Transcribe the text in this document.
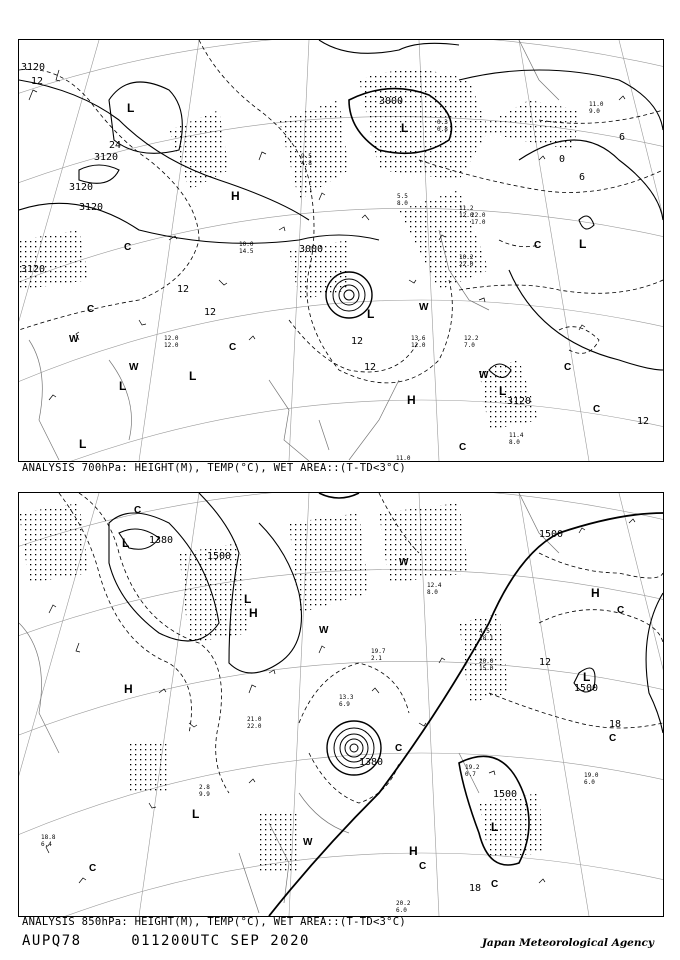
3120
12
24
3120
3120
3120
3120
3000
3000
12
12
12
12
6
6
0
3120
12
L
L
L
L
L
L
L
L
H
H
C
C
C
C
C
C
C
W
W
W
W
11.0
11.4
8.0
12.2
7.0
13.6
12.0
10.2
22.0
11.2
12.0
5.5
8.0
10.0
14.5
12.0
12.0
9.5
4.8
0.3
0.8
22.0
17.0
11.0
9.0
ANALYSIS 700hPa: HEIGHT(M), TEMP(°C), WET AREA::(T-TD<3°C)
1380
1500
1500
1500
1500
1380
18
18
12
L
L
L
L
L
H
H
H
H
C	C
C
C
C
C
C
W
W
W
20.2
6.0
19.2
0.7
18.8
6.4
20.0
15.0
19.0
6.0
21.0
22.0
13.3
6.9
2.8
9.9
19.7
2.1
12.4
8.0
4.5
18.1
ANALYSIS 850hPa: HEIGHT(M), TEMP(°C), WET AREA::(T-TD<3°C)
AUPQ78	011200UTC SEP 2020	Japan Meteorological Agency
